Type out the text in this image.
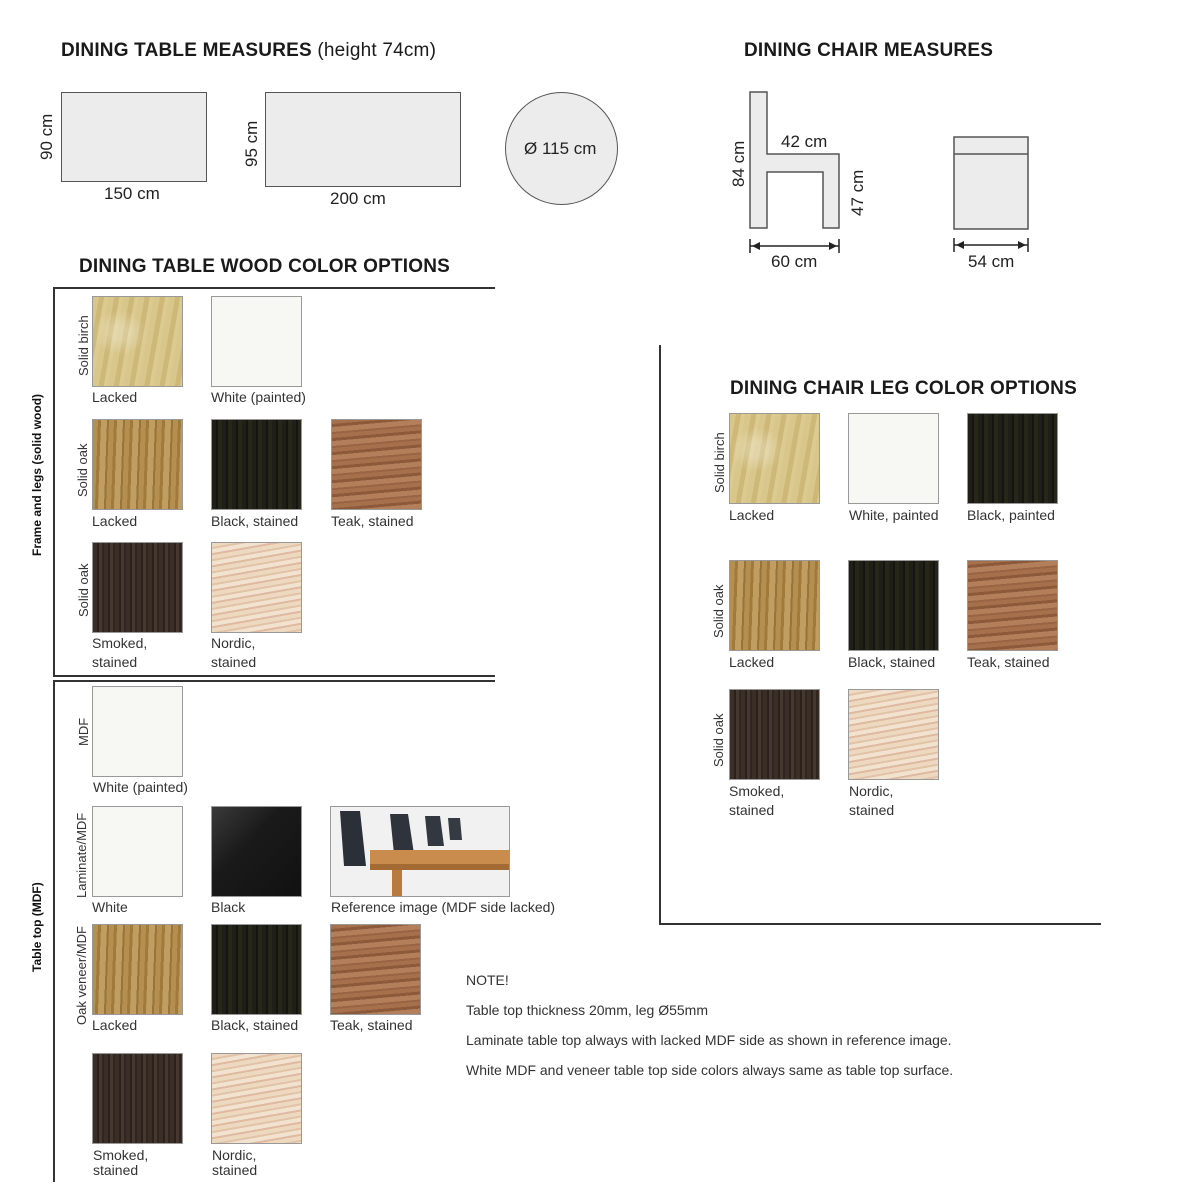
DINING TABLE MEASURES (height 74cm)
150 cm
90 cm
200 cm
95 cm	Ø 115 cm
DINING CHAIR MEASURES
84 cm 42 cm
47 cm
60 cm	54 cm
DINING TABLE WOOD COLOR OPTIONS
Frame and legs (solid wood)
Table top (MDF)
Solid birch
Lacked	White (painted)
Solid oak
Lacked	Black, stained Teak, stained
Solid oak
Smoked,
stained
Nordic,
stained
MDF
White (painted)
Laminate/MDF
White	Black	Reference image (MDF side lacked)
Oak veneer/MDF Lacked	Black, stained Teak, stained
Smoked,
stained
Nordic,
stained
DINING CHAIR LEG COLOR OPTIONS
Solid birch
Lacked	White, painted Black, painted
Solid oak
Lacked	Black, stained Teak, stained
Solid oak
Smoked,
stained
Nordic,
stained
NOTE!
Table top thickness 20mm, leg Ø55mm
Laminate table top always with lacked MDF side as shown in reference image.
White MDF and veneer table top side colors always same as table top surface.
